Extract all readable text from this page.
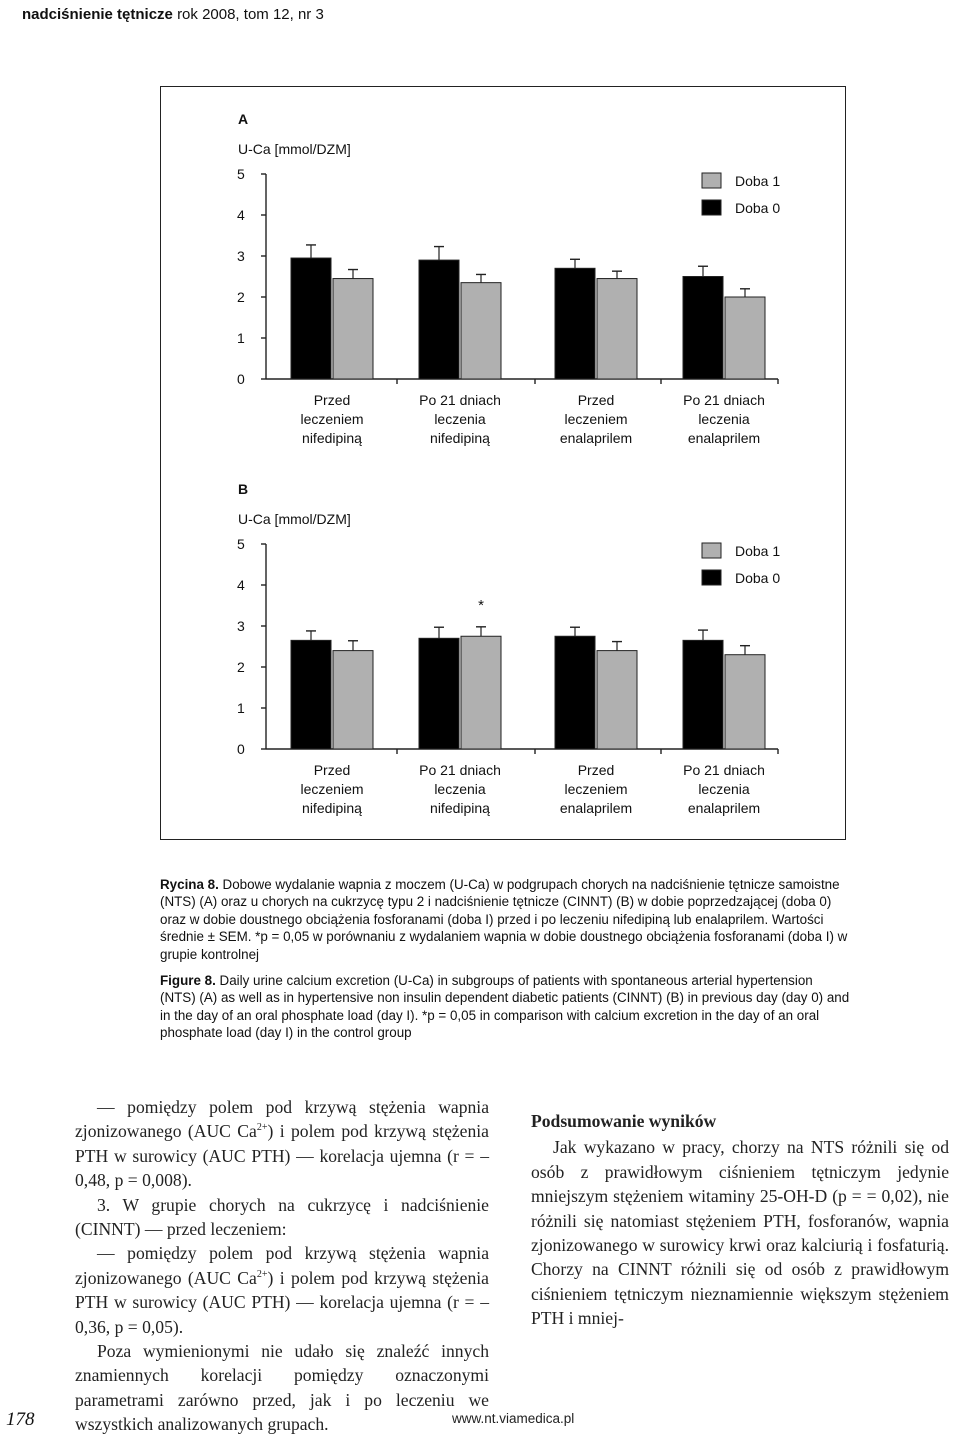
nadciśnienie tętnicze rok 2008, tom 12, nr 3
A
U-Ca [mmol/DZM]
5
4
3
2
1
0
Przed
leczeniem
nifedipiną
Po 21 dniach
leczenia
nifedipiną
Przed
leczeniem
enalaprilem
Po 21 dniach
leczenia
enalaprilem
Doba 1
Doba 0
B
U-Ca [mmol/DZM]
5
4
3
2
1
0
Przed
leczeniem
nifedipiną
Po 21 dniach
leczenia
nifedipiną
Przed
leczeniem
enalaprilem
Po 21 dniach
leczenia
enalaprilem
*
Doba 1
Doba 0

Rycina 8. Dobowe wydalanie wapnia z moczem (U-Ca) w podgrupach chorych na nadciśnienie tętnicze samoistne (NTS) (A) oraz u chorych na cukrzycę typu 2 i nadciśnienie tętnicze (CINNT) (B) w dobie poprzedzającej (doba 0) oraz w dobie doustnego obciążenia fosforanami (doba I) przed i po leczeniu nifedipiną lub enalaprilem. Wartości średnie ± SEM. *p = 0,05 w porównaniu z wydalaniem wapnia w dobie doustnego obciążenia fosforanami (doba I) w grupie kontrolnej

Figure 8. Daily urine calcium excretion (U-Ca) in subgroups of patients with spontaneous arterial hypertension (NTS) (A) as well as in hypertensive non insulin dependent diabetic patients (CINNT) (B) in previous day (day 0) and in the day of an oral phosphate load (day I). *p = 0,05 in comparison with calcium excretion in the day of an oral phosphate load (day I) in the control group

— pomiędzy polem pod krzywą stężenia wapnia zjonizowanego (AUC $Ca^{2+}$) i polem pod krzywą stężenia PTH w surowicy (AUC PTH) — korelacja ujemna (r = –0,48, p = 0,008).

3. W grupie chorych na cukrzycę i nadciśnienie (CINNT) — przed leczeniem:

— pomiędzy polem pod krzywą stężenia wapnia zjonizowanego (AUC $Ca^{2+}$) i polem pod krzywą stężenia PTH w surowicy (AUC PTH) — korelacja ujemna (r = –0,36, p = 0,05).

Poza wymienionymi nie udało się znaleźć innych znamiennych korelacji pomiędzy oznaczonymi parametrami zarówno przed, jak i po leczeniu we wszystkich analizowanych grupach.

Podsumowanie wyników

Jak wykazano w pracy, chorzy na NTS różnili się od osób z prawidłowym ciśnieniem tętniczym jedynie mniejszym stężeniem witaminy 25-OH-D (p = = 0,02), nie różnili się natomiast stężeniem PTH, fosforanów, wapnia zjonizowanego w surowicy krwi oraz kalciurią i fosfaturią. Chorzy na CINNT różnili się od osób z prawidłowym ciśnieniem tętniczym nieznamiennie większym stężeniem PTH i mniej-

178	www.nt.viamedica.pl
